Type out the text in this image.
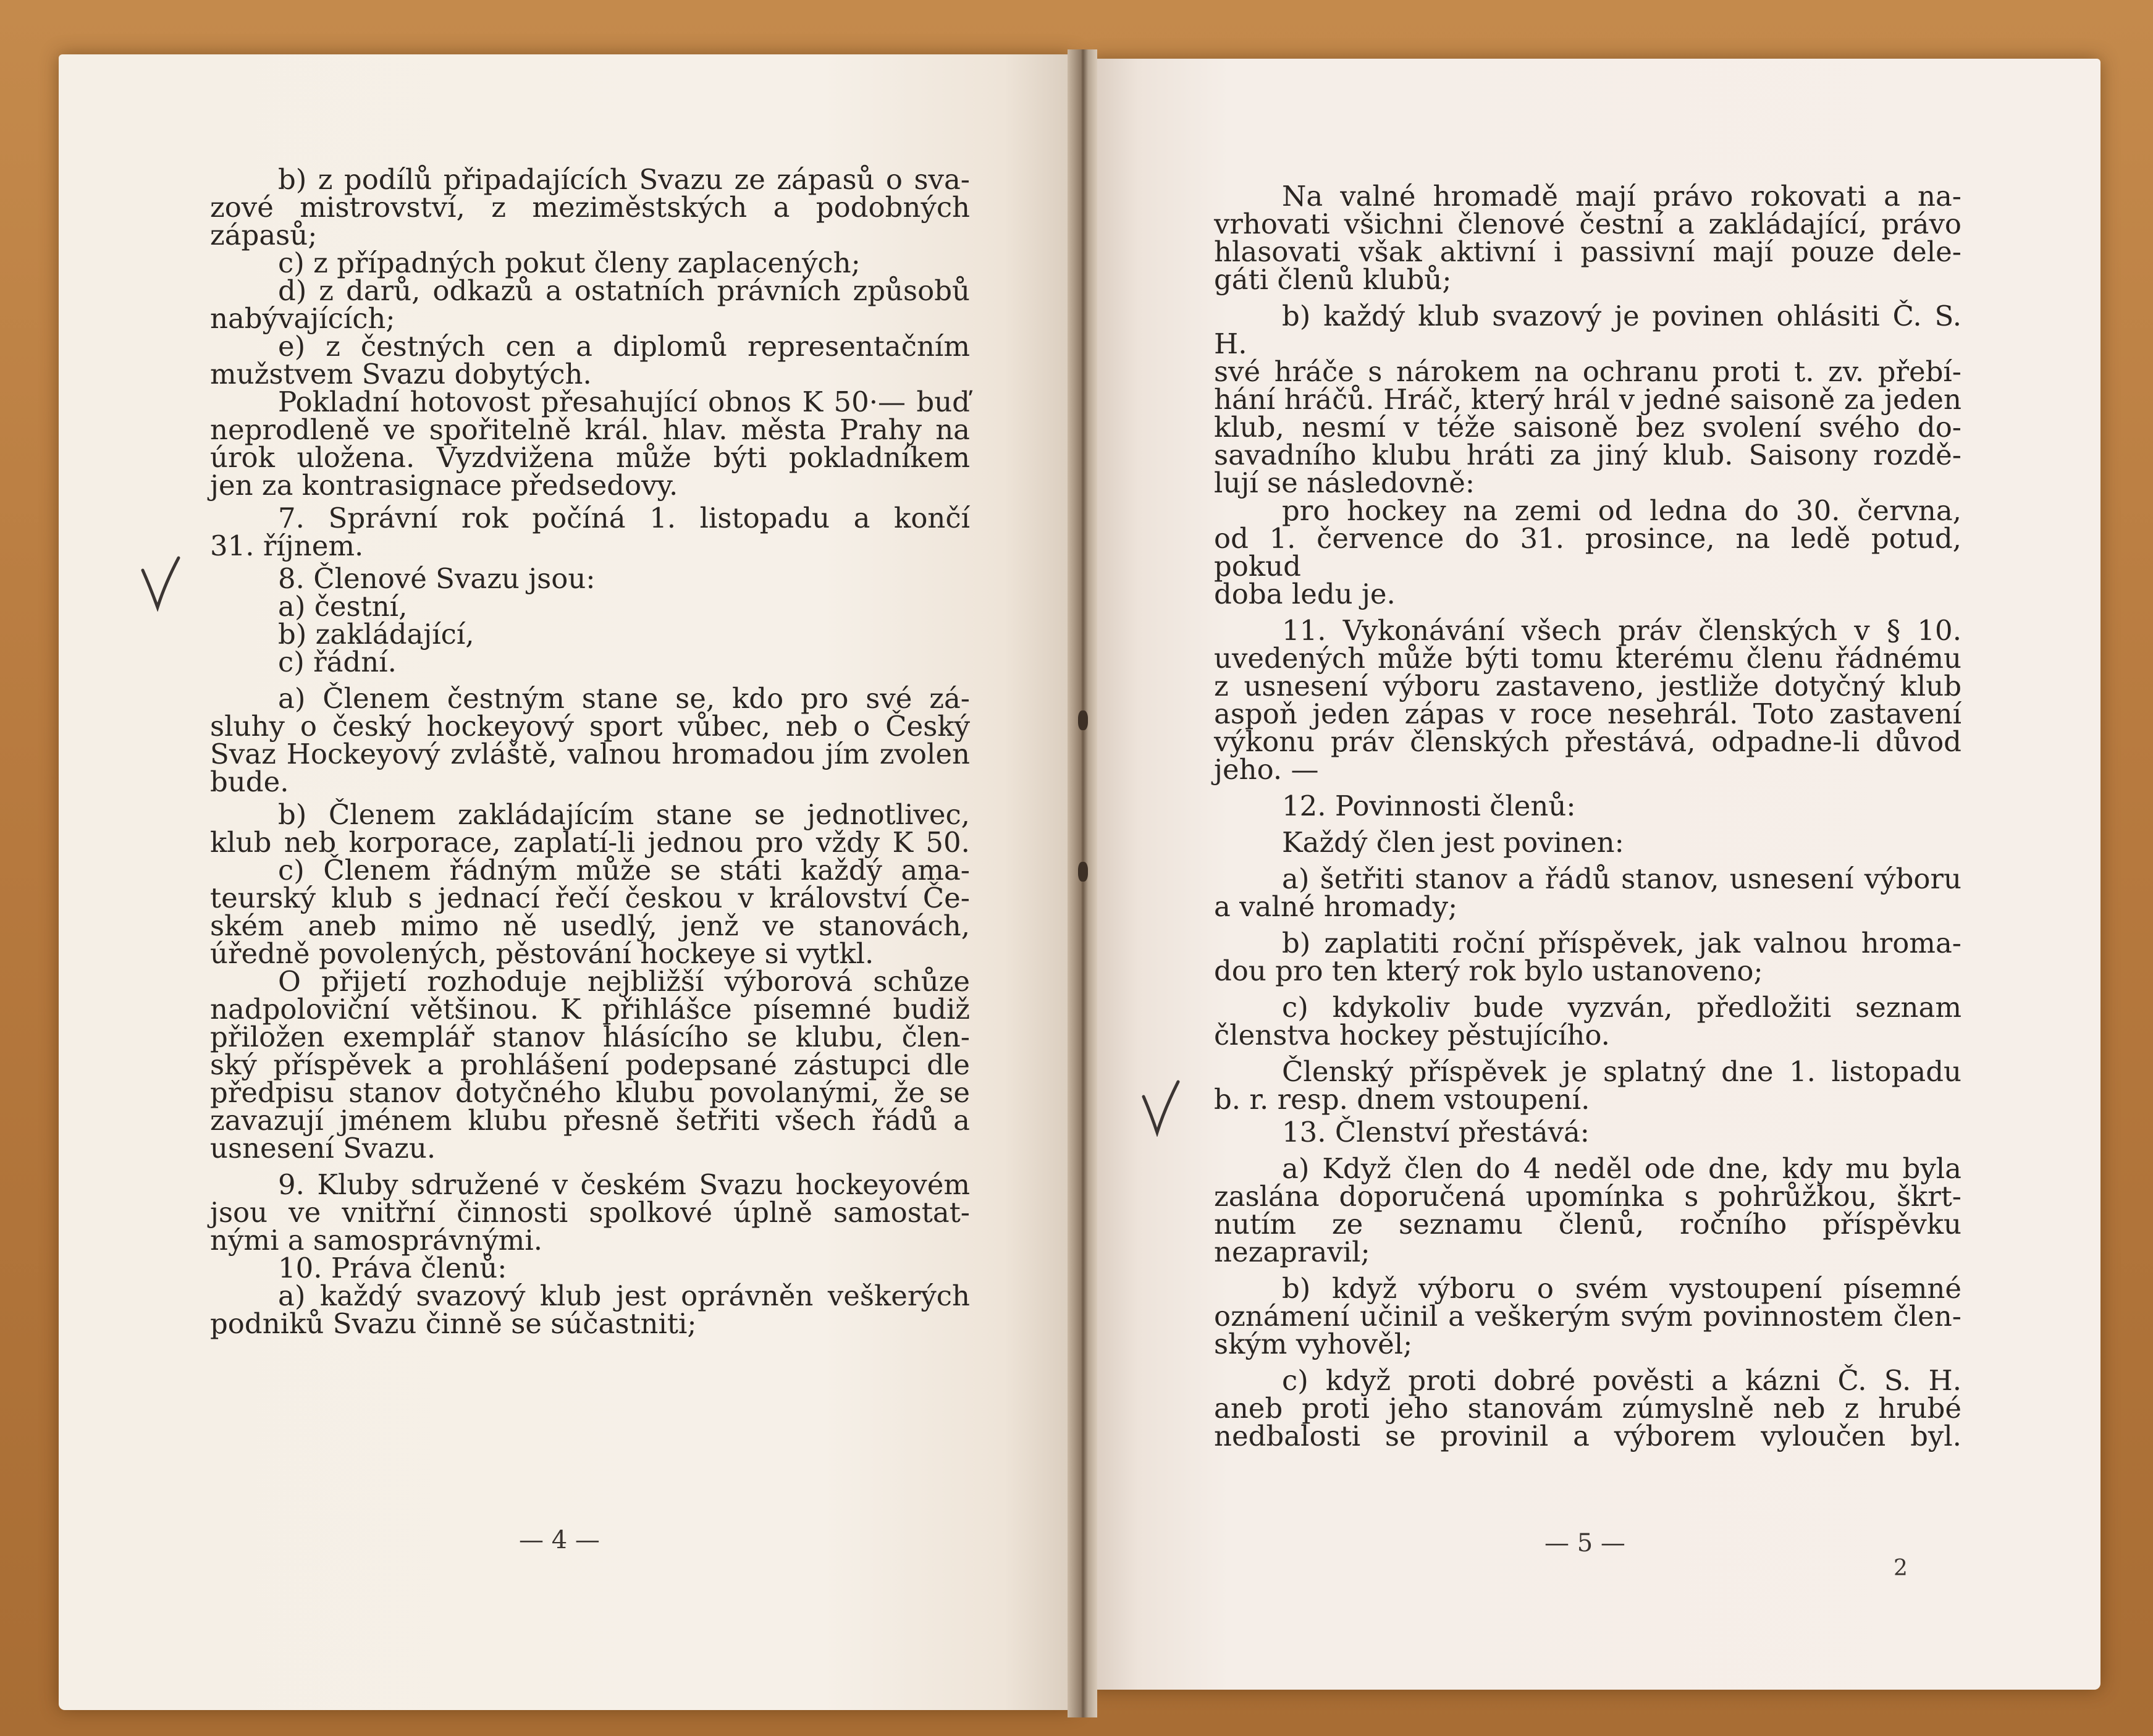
b) z podílů připadajících Svazu ze zápasů o sva-

zové mistrovství, z meziměstských a podobných

zápasů;

c) z případných pokut členy zaplacených;

d) z darů, odkazů a ostatních právních způsobů

nabývajících;

e) z čestných cen a diplomů representačním

mužstvem Svazu dobytých.

Pokladní hotovost přesahující obnos K 50·— buď

neprodleně ve spořitelně král. hlav. města Prahy na

úrok uložena. Vyzdvižena může býti pokladníkem

jen za kontrasignace předsedovy.

7. Správní rok počíná 1. listopadu a končí

31. říjnem.

8. Členové Svazu jsou:

a) čestní,

b) zakládající,

c) řádní.

a) Členem čestným stane se, kdo pro své zá-

sluhy o český hockeyový sport vůbec, neb o Český

Svaz Hockeyový zvláště, valnou hromadou jím zvolen

bude.

b) Členem zakládajícím stane se jednotlivec,

klub neb korporace, zaplatí-li jednou pro vždy K 50.

c) Členem řádným může se státi každý ama-

teurský klub s jednací řečí českou v království Če-

ském aneb mimo ně usedlý, jenž ve stanovách,

úředně povolených, pěstování hockeye si vytkl.

O přijetí rozhoduje nejbližší výborová schůze

nadpoloviční většinou. K přihlášce písemné budiž

přiložen exemplář stanov hlásícího se klubu, člen-

ský příspěvek a prohlášení podepsané zástupci dle

předpisu stanov dotyčného klubu povolanými, že se

zavazují jménem klubu přesně šetřiti všech řádů a

usnesení Svazu.

9. Kluby sdružené v českém Svazu hockeyovém

jsou ve vnitřní činnosti spolkové úplně samostat-

nými a samosprávnými.

10. Práva členů:

a) každý svazový klub jest oprávněn veškerých

podniků Svazu činně se súčastniti;

Na valné hromadě mají právo rokovati a na-

vrhovati všichni členové čestní a zakládající, právo

hlasovati však aktivní i passivní mají pouze dele-

gáti členů klubů;

b) každý klub svazový je povinen ohlásiti Č. S. H.

své hráče s nárokem na ochranu proti t. zv. přebí-

hání hráčů. Hráč, který hrál v jedné saisoně za jeden

klub, nesmí v téže saisoně bez svolení svého do-

savadního klubu hráti za jiný klub. Saisony rozdě-

lují se následovně:

pro hockey na zemi od ledna do 30. června,

od 1. července do 31. prosince, na ledě potud, pokud

doba ledu je.

11. Vykonávání všech práv členských v § 10.

uvedených může býti tomu kterému členu řádnému

z usnesení výboru zastaveno, jestliže dotyčný klub

aspoň jeden zápas v roce nesehrál. Toto zastavení

výkonu práv členských přestává, odpadne-li důvod

jeho. —

12. Povinnosti členů:

Každý člen jest povinen:

a) šetřiti stanov a řádů stanov, usnesení výboru

a valné hromady;

b) zaplatiti roční příspěvek, jak valnou hroma-

dou pro ten který rok bylo ustanoveno;

c) kdykoliv bude vyzván, předložiti seznam

členstva hockey pěstujícího.

Členský příspěvek je splatný dne 1. listopadu

b. r. resp. dnem vstoupení.

13. Členství přestává:

a) Když člen do 4 neděl ode dne, kdy mu byla

zaslána doporučená upomínka s pohrůžkou, škrt-

nutím ze seznamu členů, ročního příspěvku nezapravil;

b) když výboru o svém vystoupení písemné

oznámení učinil a veškerým svým povinnostem člen-

ským vyhověl;

c) když proti dobré pověsti a kázni Č. S. H.

aneb proti jeho stanovám zúmyslně neb z hrubé

nedbalosti se provinil a výborem vyloučen byl.

— 4 —	— 5 —
2
